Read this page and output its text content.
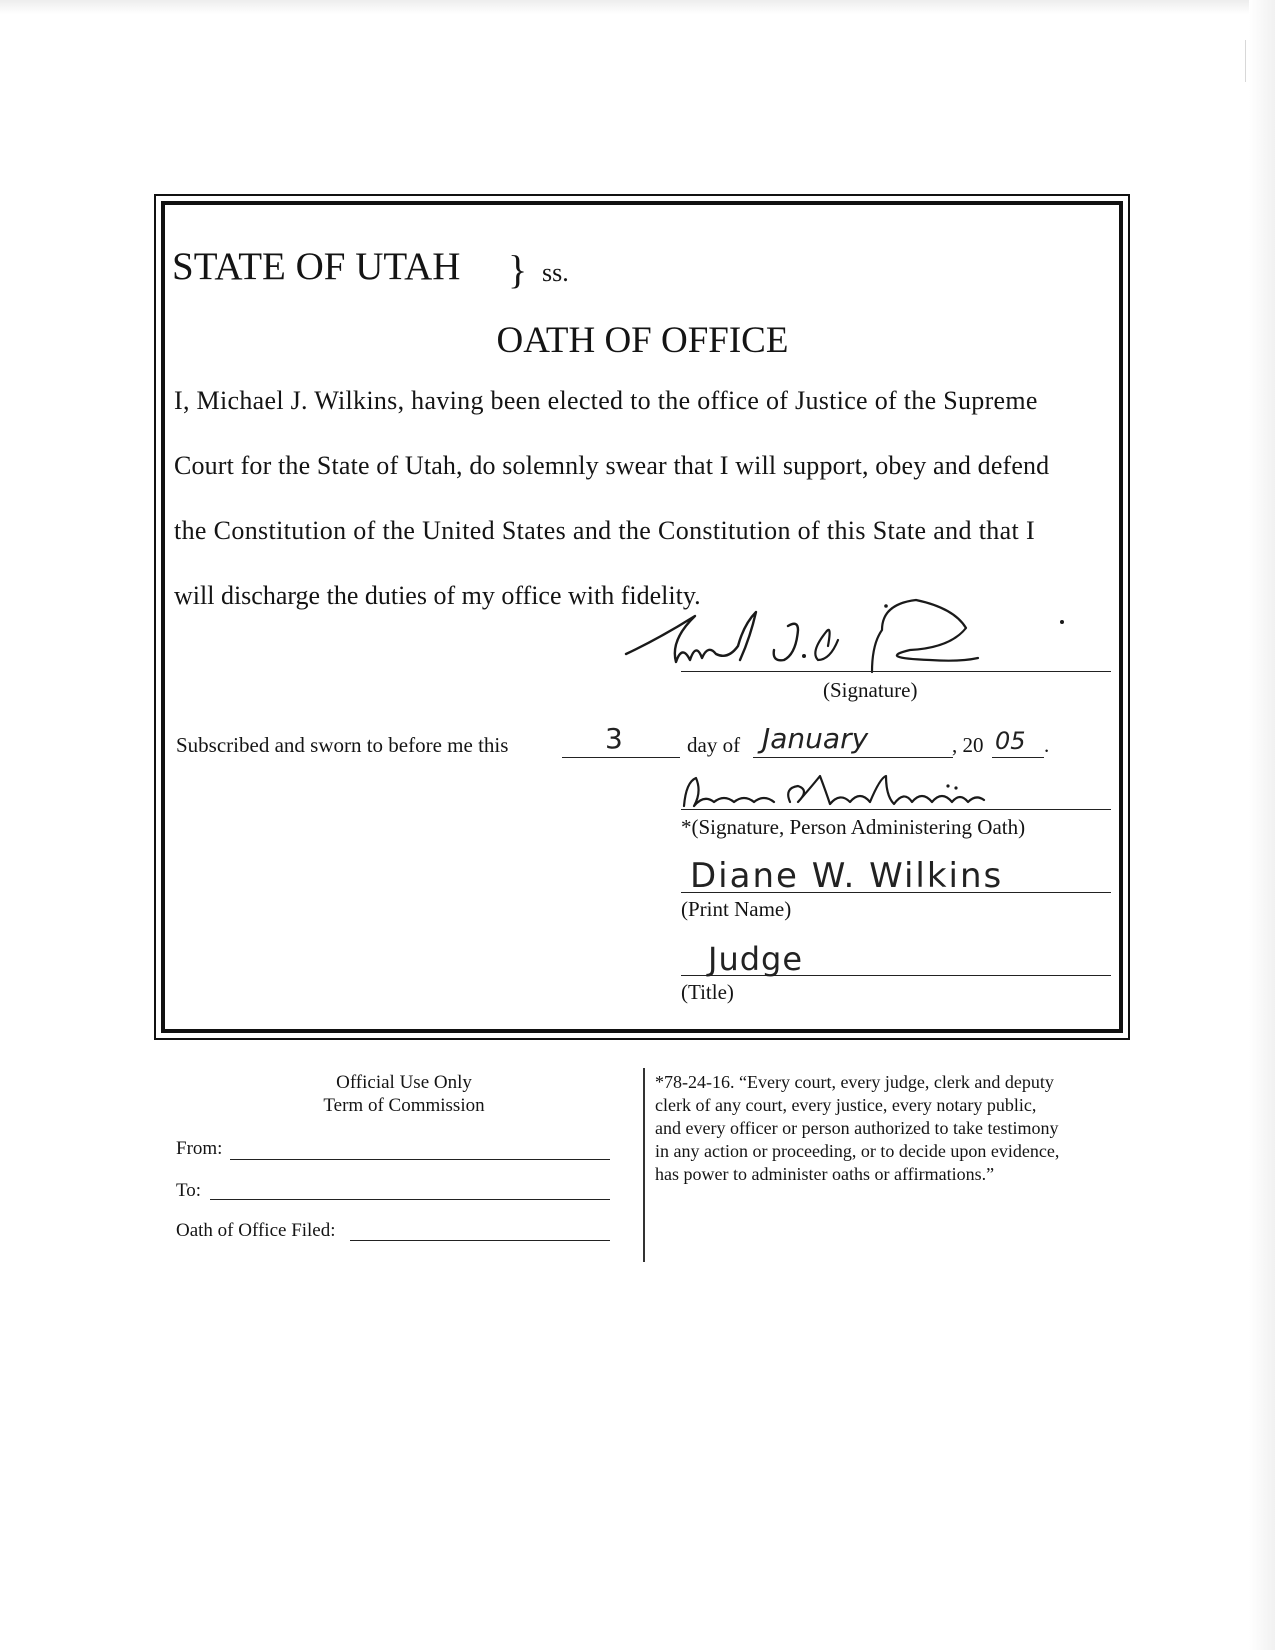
STATE OF UTAH } ss.
OATH OF OFFICE
I, Michael J. Wilkins, having been elected to the office of Justice of the Supreme
Court for the State of Utah, do solemnly swear that I will support, obey and defend
the Constitution of the United States and the Constitution of this State and that I
will discharge the duties of my office with fidelity.
(Signature)
Subscribed and sworn to before me this	3	day of January	, 20 05 .
*(Signature, Person Administering Oath)
Diane W. Wilkins
(Print Name)
Judge
(Title)
Official Use Only
Term of Commission
From:
To:
Oath of Office Filed:
*78-24-16. “Every court, every judge, clerk and deputy
clerk of any court, every justice, every notary public,
and every officer or person authorized to take testimony
in any action or proceeding, or to decide upon evidence,
has power to administer oaths or affirmations.”
